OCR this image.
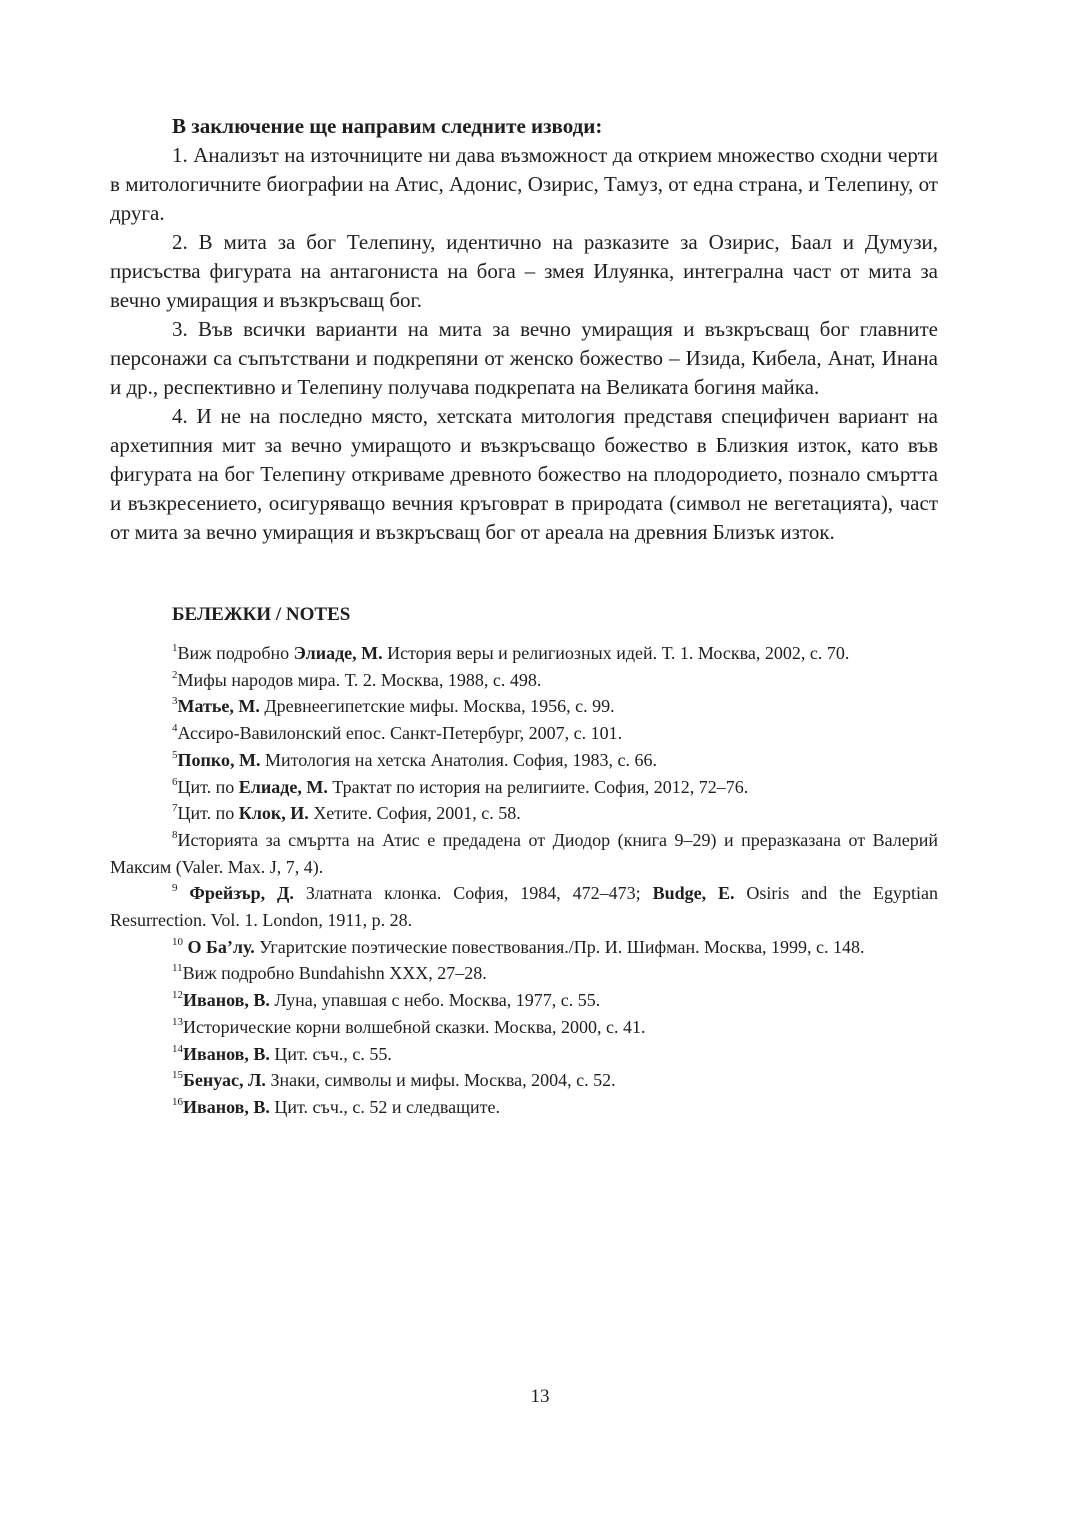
В заключение ще направим следните изводи:

1. Анализът на източниците ни дава възможност да открием множество сходни черти в митологичните биографии на Атис, Адонис, Озирис, Тамуз, от една страна, и Телепину, от друга.

2. В мита за бог Телепину, идентично на разказите за Озирис, Баал и Думузи, присъства фигурата на антагониста на бога – змея Илуянка, интегрална част от мита за вечно умиращия и възкръсващ бог.

3. Във всички варианти на мита за вечно умиращия и възкръсващ бог главните персонажи са съпътствани и подкрепяни от женско божество – Изида, Кибела, Анат, Инана и др., респективно и Телепину получава подкрепата на Великата богиня майка.

4. И не на последно място, хетската митология представя специфичен вариант на архетипния мит за вечно умиращото и възкръсващо божество в Близкия изток, като във фигурата на бог Телепину откриваме древното божество на плодородието, познало смъртта и възкресението, осигуряващо вечния кръговрат в природата (символ не вегетацията), част от мита за вечно умиращия и възкръсващ бог от ареала на древния Близък изток.

БЕЛЕЖКИ / NOTES

$^1$Виж подробно Элиаде, М. История веры и религиозных идей. Т. 1. Москва, 2002, с. 70.

$^2$Мифы народов мира. Т. 2. Москва, 1988, с. 498.

$^3$Матье, М. Древнеегипетские мифы. Москва, 1956, с. 99.

$^4$Ассиро-Вавилонский епос. Санкт-Петербург, 2007, с. 101.

$^5$Попко, М. Митология на хетска Анатолия. София, 1983, с. 66.

$^6$Цит. по Елиаде, М. Трактат по история на религиите. София, 2012, 72–76.

$^7$Цит. по Клок, И. Хетите. София, 2001, с. 58.

$^8$Историята за смъртта на Атис е предадена от Диодор (книга 9–29) и преразказана от Валерий Максим (Valer. Max. J, 7, 4).

$^9$ Фрейзър, Д. Златната клонка. София, 1984, 472–473; Budge, E. Osiris and the Egyptian Resurrection. Vol. 1. London, 1911, p. 28.

$^{10}$ О Ба’лу. Угаритские поэтические повествования./Пр. И. Шифман. Москва, 1999, с. 148.

$^{11}$Виж подробно Bundahishn XXX, 27–28.

$^{12}$Иванов, В. Луна, упавшая с небо. Москва, 1977, с. 55.

$^{13}$Исторические корни волшебной сказки. Москва, 2000, с. 41.

$^{14}$Иванов, В. Цит. съч., с. 55.

$^{15}$Бенуас, Л. Знаки, символы и мифы. Москва, 2004, с. 52.

$^{16}$Иванов, В. Цит. съч., с. 52 и следващите.

13
